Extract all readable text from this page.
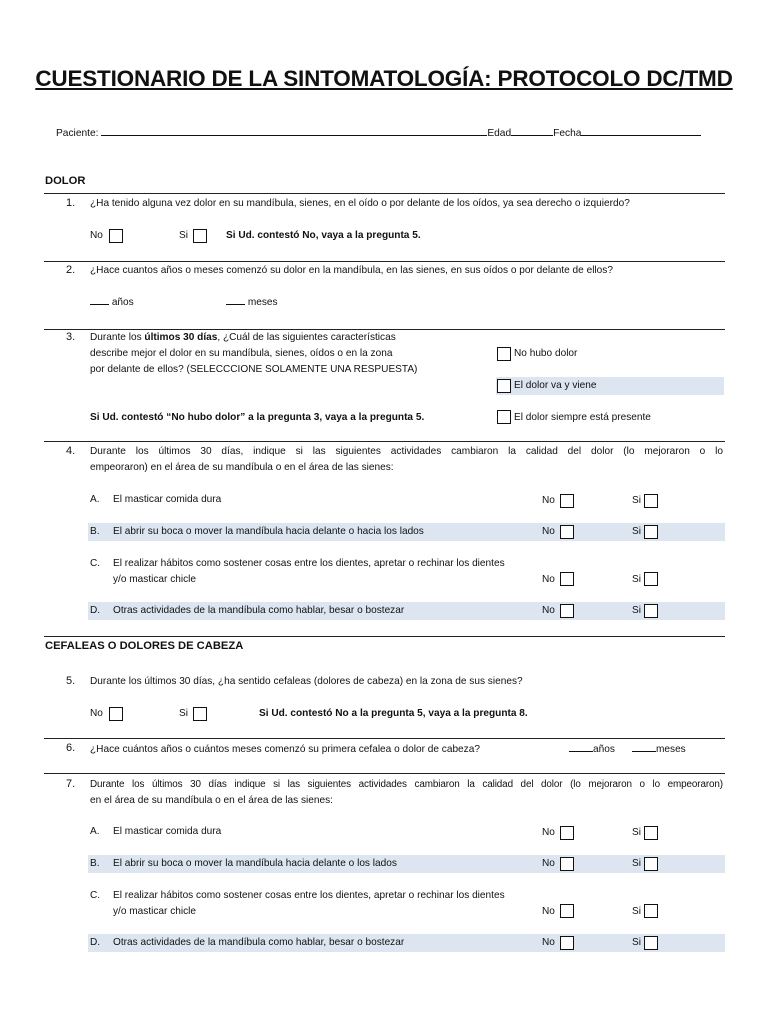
CUESTIONARIO DE LA SINTOMATOLOGÍA: PROTOCOLO DC/TMD
Paciente:	Edad	Fecha
DOLOR
1. ¿Ha tenido alguna vez dolor en su mandíbula, sienes, en el oído o por delante de los oídos, ya sea derecho o izquierdo?
No	Si	Si Ud. contestó No, vaya a la pregunta 5.
2. ¿Hace cuantos años o meses comenzó su dolor en la mandíbula, en las sienes, en sus oídos o por delante de ellos?
años	meses
3. Durante los últimos 30 días, ¿Cuál de las siguientes características
describe mejor el dolor en su mandíbula, sienes, oídos o en la zona
por delante de ellos? (SELECCCIONE SOLAMENTE UNA RESPUESTA)
Si Ud. contestó “No hubo dolor” a la pregunta 3, vaya a la pregunta 5.
No hubo dolor
El dolor va y viene
El dolor siempre está presente
4. Durante los últimos 30 días, indique si las siguientes actividades cambiaron la calidad del dolor (lo mejoraron o lo
empeoraron) en el área de su mandíbula o en el área de las sienes:
A. El masticar comida dura	No	Si
B. El abrir su boca o mover la mandíbula hacia delante o hacia los lados	No	Si
C. El realizar hábitos como sostener cosas entre los dientes, apretar o rechinar los dientes
y/o masticar chicle	No	Si
D. Otras actividades de la mandíbula como hablar, besar o bostezar	No	Si
CEFALEAS O DOLORES DE CABEZA
5. Durante los últimos 30 días, ¿ha sentido cefaleas (dolores de cabeza) en la zona de sus sienes?
No	Si	Si Ud. contestó No a la pregunta 5, vaya a la pregunta 8.
6. ¿Hace cuántos años o cuántos meses comenzó su primera cefalea o dolor de cabeza?	años	meses
7. Durante los últimos 30 días indique si las siguientes actividades cambiaron la calidad del dolor (lo mejoraron o lo empeoraron)
en el área de su mandíbula o en el área de las sienes:
A. El masticar comida dura	No	Si
B. El abrir su boca o mover la mandíbula hacia delante o los lados	No	Si
C. El realizar hábitos como sostener cosas entre los dientes, apretar o rechinar los dientes
y/o masticar chicle	No	Si
D. Otras actividades de la mandíbula como hablar, besar o bostezar	No	Si
